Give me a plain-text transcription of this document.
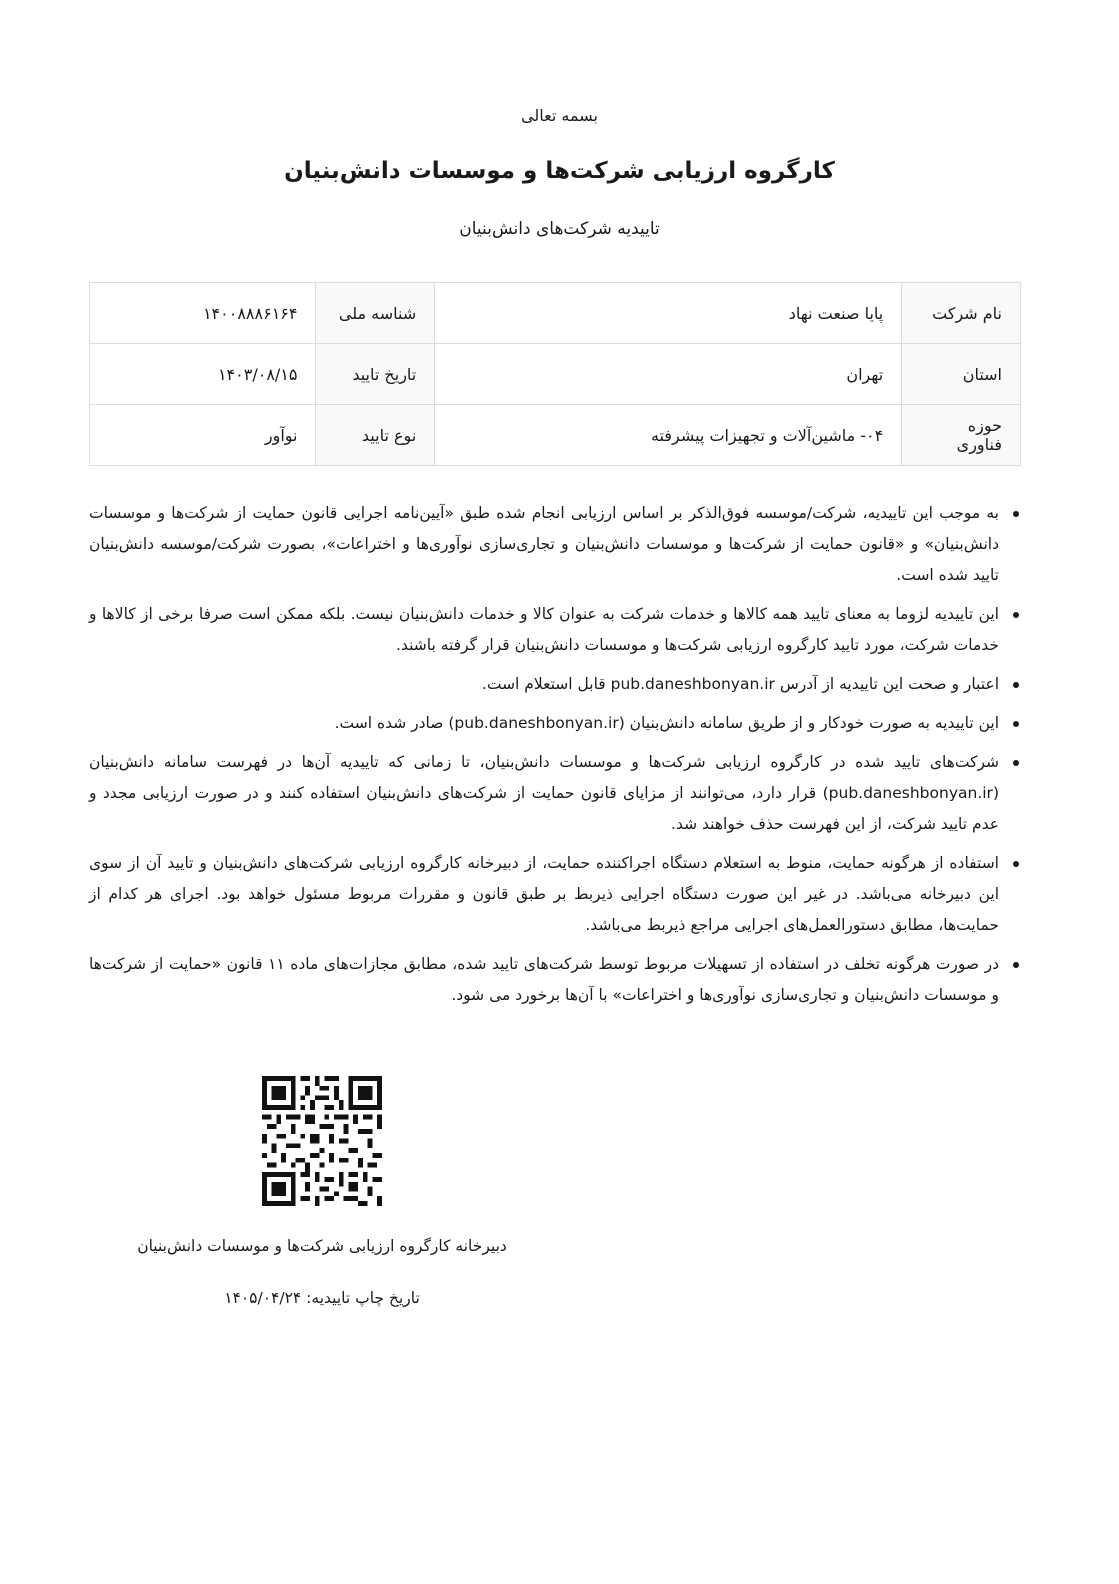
بسمه تعالی
کارگروه ارزیابی شرکت‌ها و موسسات دانش‌بنیان
تاییدیه شرکت‌های دانش‌بنیان
نام شرکت	پایا صنعت نهاد	شناسه ملی	۱۴۰۰۸۸۸۶۱۶۴
استان	تهران	تاریخ تایید	۱۴۰۳/۰۸/۱۵
حوزه فناوری	۰۴- ماشین‌آلات و تجهیزات پیشرفته	نوع تایید	نوآور
به موجب این تاییدیه، شرکت/موسسه فوق‌الذکر بر اساس ارزیابی انجام شده طبق «آیین‌نامه اجرایی قانون حمایت از شرکت‌ها و موسسات دانش‌بنیان» و «قانون حمایت از شرکت‌ها و موسسات دانش‌بنیان و تجاری‌سازی نوآوری‌ها و اختراعات»، بصورت شرکت/موسسه دانش‌بنیان تایید شده است.
این تاییدیه لزوما به معنای تایید همه کالاها و خدمات شرکت به عنوان کالا و خدمات دانش‌بنیان نیست. بلکه ممکن است صرفا برخی از کالاها و خدمات شرکت، مورد تایید کارگروه ارزیابی شرکت‌ها و موسسات دانش‌بنیان قرار گرفته باشند.
اعتبار و صحت این تاییدیه از آدرس pub.daneshbonyan.ir قابل استعلام است.
این تاییدیه به صورت خودکار و از طریق سامانه دانش‌بنیان (pub.daneshbonyan.ir) صادر شده است.
شرکت‌های تایید شده در کارگروه ارزیابی شرکت‌ها و موسسات دانش‌بنیان، تا زمانی که تاییدیه آن‌ها در فهرست سامانه دانش‌بنیان (pub.daneshbonyan.ir) قرار دارد، می‌توانند از مزایای قانون حمایت از شرکت‌های دانش‌بنیان استفاده کنند و در صورت ارزیابی مجدد و عدم تایید شرکت، از این فهرست حذف خواهند شد.
استفاده از هرگونه حمایت، منوط به استعلام دستگاه اجراکننده حمایت، از دبیرخانه کارگروه ارزیابی شرکت‌های دانش‌بنیان و تایید آن از سوی این دبیرخانه می‌باشد. در غیر این صورت دستگاه اجرایی ذیربط بر طبق قانون و مقررات مربوط مسئول خواهد بود. اجرای هر کدام از حمایت‌ها، مطابق دستورالعمل‌های اجرایی مراجع ذیربط می‌باشد.
در صورت هرگونه تخلف در استفاده از تسهیلات مربوط توسط شرکت‌های تایید شده، مطابق مجازات‌های ماده ۱۱ قانون «حمایت از شرکت‌ها و موسسات دانش‌بنیان و تجاری‌سازی نوآوری‌ها و اختراعات» با آن‌ها برخورد می شود.
دبیرخانه کارگروه ارزیابی شرکت‌ها و موسسات دانش‌بنیان
تاریخ چاپ تاییدیه: ۱۴۰۵/۰۴/۲۴
